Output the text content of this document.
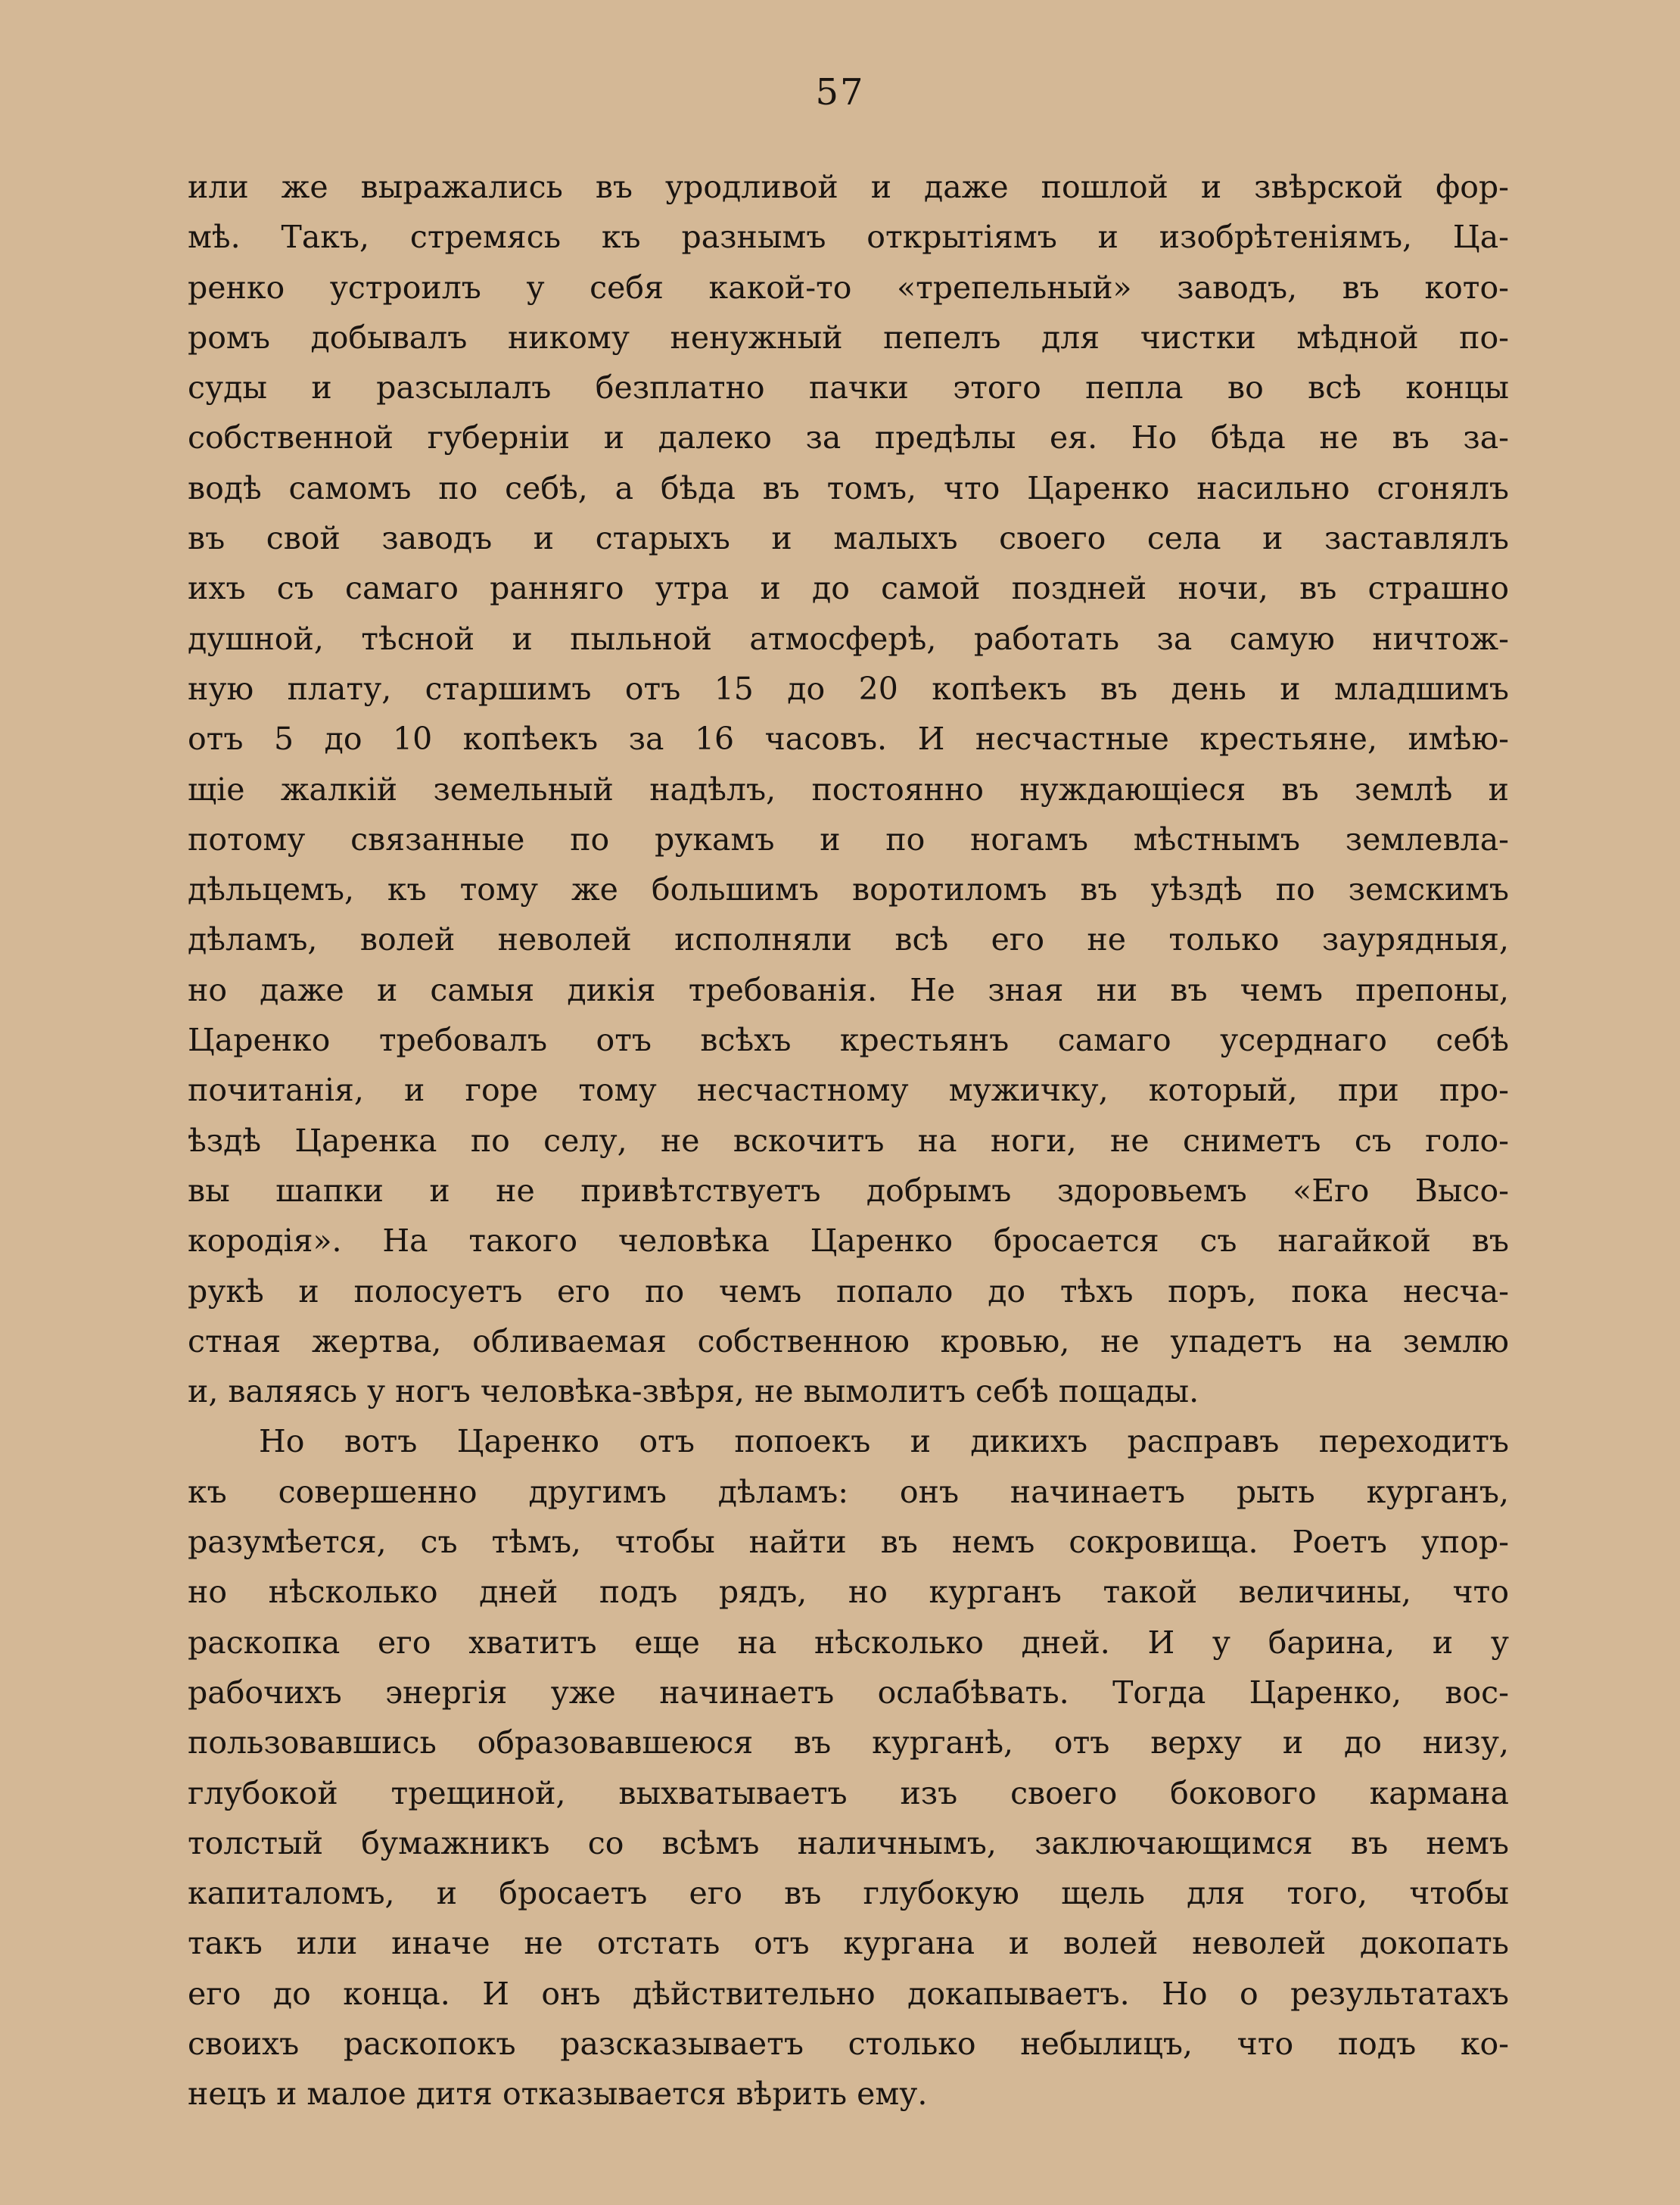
57
или же выражались въ уродливой и даже пошлой и звѣрской фор-
мѣ. Такъ, стремясь къ разнымъ открытіямъ и изобрѣтеніямъ, Ца-
ренко устроилъ у себя какой-то «трепельный» заводъ, въ кото-
ромъ добывалъ никому ненужный пепелъ для чистки мѣдной по-
суды и разсылалъ безплатно пачки этого пепла во всѣ концы
собственной губерніи и далеко за предѣлы ея. Но бѣда не въ за-
водѣ самомъ по себѣ, а бѣда въ томъ, что Царенко насильно сгонялъ
въ свой заводъ и старыхъ и малыхъ своего села и заставлялъ
ихъ съ самаго ранняго утра и до самой поздней ночи, въ страшно
душной, тѣсной и пыльной атмосферѣ, работать за самую ничтож-
ную плату, старшимъ отъ 15 до 20 копѣекъ въ день и младшимъ
отъ 5 до 10 копѣекъ за 16 часовъ. И несчастные крестьяне, имѣю-
щіе жалкій земельный надѣлъ, постоянно нуждающіеся въ землѣ и
потому связанные по рукамъ и по ногамъ мѣстнымъ землевла-
дѣльцемъ, къ тому же большимъ воротиломъ въ уѣздѣ по земскимъ
дѣламъ, волей неволей исполняли всѣ его не только заурядныя,
но даже и самыя дикія требованія. Не зная ни въ чемъ препоны,
Царенко требовалъ отъ всѣхъ крестьянъ самаго усерднаго себѣ
почитанія, и горе тому несчастному мужичку, который, при про-
ѣздѣ Царенка по селу, не вскочитъ на ноги, не сниметъ съ голо-
вы шапки и не привѣтствуетъ добрымъ здоровьемъ «Его Высо-
кородія». На такого человѣка Царенко бросается съ нагайкой въ
рукѣ и полосуетъ его по чемъ попало до тѣхъ поръ, пока несча-
стная жертва, обливаемая собственною кровью, не упадетъ на землю
и, валяясь у ногъ человѣка-звѣря, не вымолитъ себѣ пощады.
Но вотъ Царенко отъ попоекъ и дикихъ расправъ переходитъ
къ совершенно другимъ дѣламъ: онъ начинаетъ рыть курганъ,
разумѣется, съ тѣмъ, чтобы найти въ немъ сокровища. Роетъ упор-
но нѣсколько дней подъ рядъ, но курганъ такой величины, что
раскопка его хватитъ еще на нѣсколько дней. И у барина, и у
рабочихъ энергія уже начинаетъ ослабѣвать. Тогда Царенко, вос-
пользовавшись образовавшеюся въ курганѣ, отъ верху и до низу,
глубокой трещиной, выхватываетъ изъ своего бокового кармана
толстый бумажникъ со всѣмъ наличнымъ, заключающимся въ немъ
капиталомъ, и бросаетъ его въ глубокую щель для того, чтобы
такъ или иначе не отстать отъ кургана и волей неволей докопать
его до конца. И онъ дѣйствительно докапываетъ. Но о результатахъ
своихъ раскопокъ разсказываетъ столько небылицъ, что подъ ко-
нецъ и малое дитя отказывается вѣрить ему.
